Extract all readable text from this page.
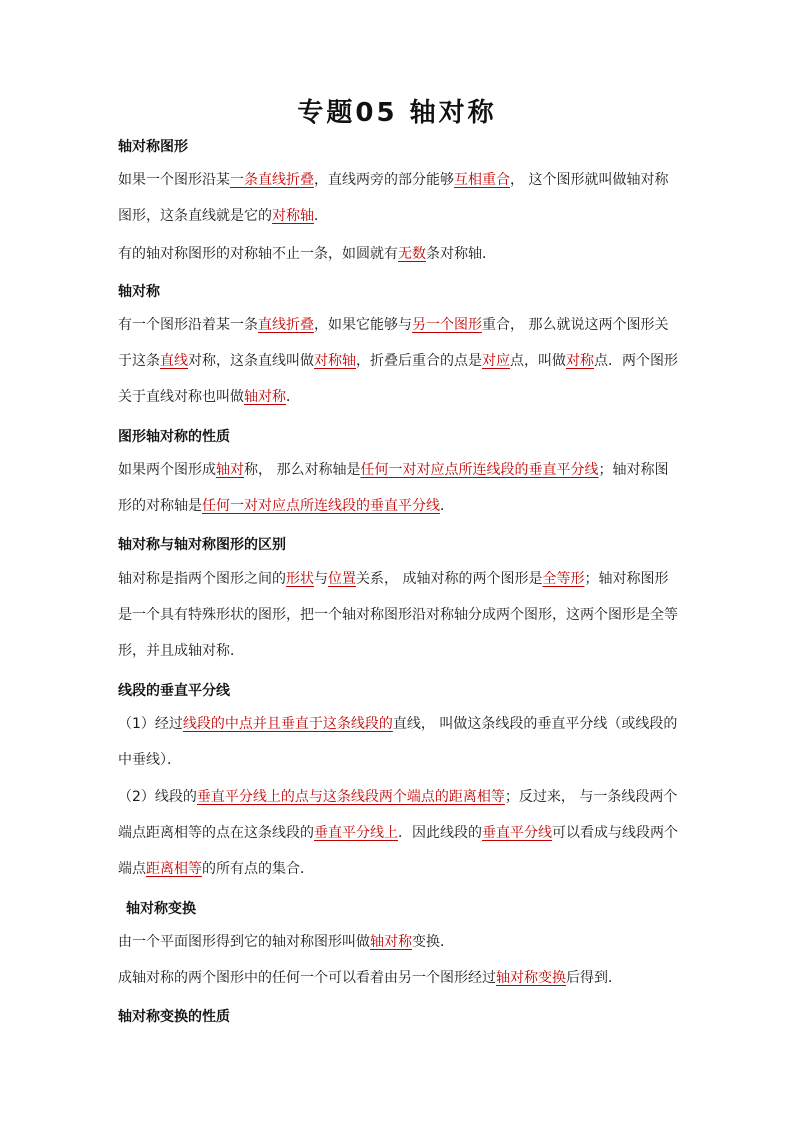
专题05 轴对称
轴对称图形
如果一个图形沿某一条直线折叠，直线两旁的部分能够互相重合， 这个图形就叫做轴对称图形，这条直线就是它的对称轴．
有的轴对称图形的对称轴不止一条，如圆就有无数条对称轴．
轴对称
有一个图形沿着某一条直线折叠，如果它能够与另一个图形重合， 那么就说这两个图形关于这条直线对称，这条直线叫做对称轴，折叠后重合的点是对应点，叫做对称点．两个图形关于直线对称也叫做轴对称．
图形轴对称的性质
如果两个图形成轴对称， 那么对称轴是任何一对对应点所连线段的垂直平分线；轴对称图形的对称轴是任何一对对应点所连线段的垂直平分线．
轴对称与轴对称图形的区别
轴对称是指两个图形之间的形状与位置关系， 成轴对称的两个图形是全等形；轴对称图形是一个具有特殊形状的图形，把一个轴对称图形沿对称轴分成两个图形，这两个图形是全等形，并且成轴对称．
线段的垂直平分线
（1）经过线段的中点并且垂直于这条线段的直线， 叫做这条线段的垂直平分线（或线段的中垂线）．
（2）线段的垂直平分线上的点与这条线段两个端点的距离相等；反过来， 与一条线段两个端点距离相等的点在这条线段的垂直平分线上．因此线段的垂直平分线可以看成与线段两个端点距离相等的所有点的集合．
轴对称变换
由一个平面图形得到它的轴对称图形叫做轴对称变换．
成轴对称的两个图形中的任何一个可以看着由另一个图形经过轴对称变换后得到．
轴对称变换的性质
